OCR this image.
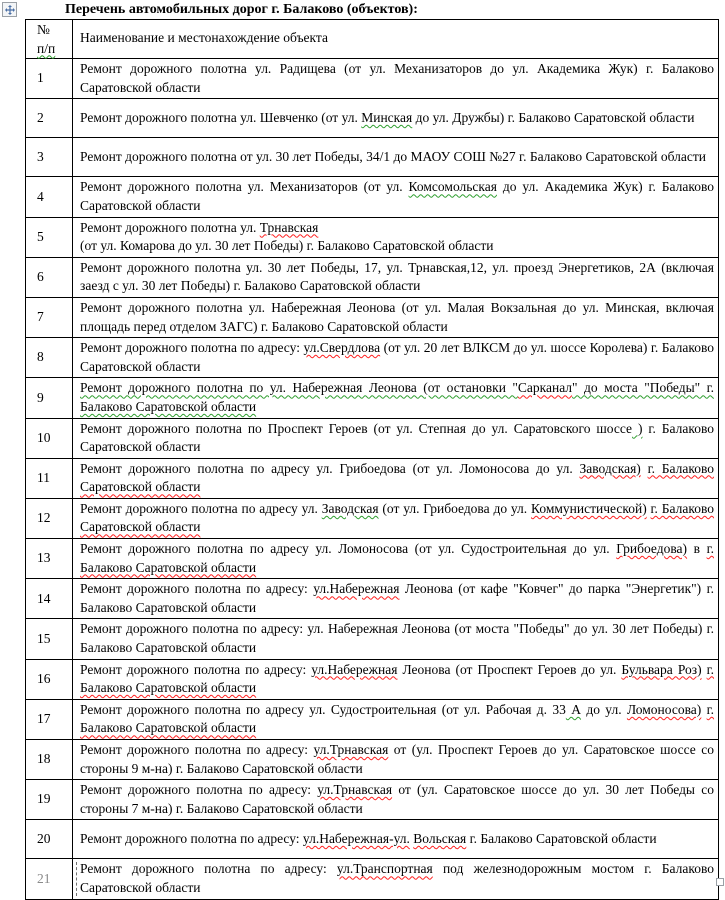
Перечень автомобильных дорог г. Балаково (объектов):
№
п/п	Наименование и местонахождение объекта
1	Ремонт дорожного полотна ул. Радищева (от ул. Механизаторов до ул. Академика Жук) г. Балаково Саратовской области
2	Ремонт дорожного полотна ул. Шевченко (от ул. Минская до ул. Дружбы) г. Балаково Саратовской области
3	Ремонт дорожного полотна от ул. 30 лет Победы, 34/1 до МАОУ СОШ №27 г. Балаково Саратовской области
4	Ремонт дорожного полотна ул. Механизаторов (от ул. Комсомольская до ул. Академика Жук) г. Балаково Саратовской области
5	Ремонт дорожного полотна ул. Трнавская
(от ул. Комарова до ул. 30 лет Победы) г. Балаково Саратовской области
6	Ремонт дорожного полотна ул. 30 лет Победы, 17, ул. Трнавская,12, ул. проезд Энергетиков, 2А (включая заезд с ул. 30 лет Победы) г. Балаково Саратовской области
7	Ремонт дорожного полотна ул. Набережная Леонова (от ул. Малая Вокзальная до ул. Минская, включая площадь перед отделом ЗАГС) г. Балаково Саратовской области
8	Ремонт дорожного полотна по адресу: ул.Свердлова (от ул. 20 лет ВЛКСМ до ул. шоссе Королева) г. Балаково Саратовской области
9	Ремонт дорожного полотна по ул. Набережная Леонова (от остановки "Сарканал" до моста "Победы" г. Балаково Саратовской области
10	Ремонт дорожного полотна по Проспект Героев (от ул. Степная до ул. Саратовского шоссе ) г. Балаково Саратовской области
11	Ремонт дорожного полотна по адресу ул. Грибоедова (от ул. Ломоносова до ул. Заводская) г. Балаково Саратовской области
12	Ремонт дорожного полотна по адресу ул. Заводская (от ул. Грибоедова до ул. Коммунистической) г. Балаково Саратовской области
13	Ремонт дорожного полотна по адресу ул. Ломоносова (от ул. Судостроительная до ул. Грибоедова) в г. Балаково Саратовской области
14	Ремонт дорожного полотна по адресу: ул.Набережная Леонова (от кафе "Ковчег" до парка "Энергетик") г. Балаково Саратовской области
15	Ремонт дорожного полотна по адресу: ул. Набережная Леонова (от моста "Победы" до ул. 30 лет Победы) г. Балаково Саратовской области
16	Ремонт дорожного полотна по адресу: ул.Набережная Леонова (от Проспект Героев до ул. Бульвара Роз) г. Балаково Саратовской области
17	Ремонт дорожного полотна по адресу ул. Судостроительная (от ул. Рабочая д. 33 А до ул. Ломоносова) г. Балаково Саратовской области
18	Ремонт дорожного полотна по адресу: ул.Трнавская от (ул. Проспект Героев до ул. Саратовское шоссе со стороны 9 м-на) г. Балаково Саратовской области
19	Ремонт дорожного полотна по адресу: ул.Трнавская от (ул. Саратовское шоссе до ул. 30 лет Победы со стороны 7 м-на) г. Балаково Саратовской области
20	Ремонт дорожного полотна по адресу: ул.Набережная-ул. Вольская г. Балаково Саратовской области
21	Ремонт дорожного полотна по адресу: ул.Транспортная под железнодорожным мостом г. Балаково Саратовской области
